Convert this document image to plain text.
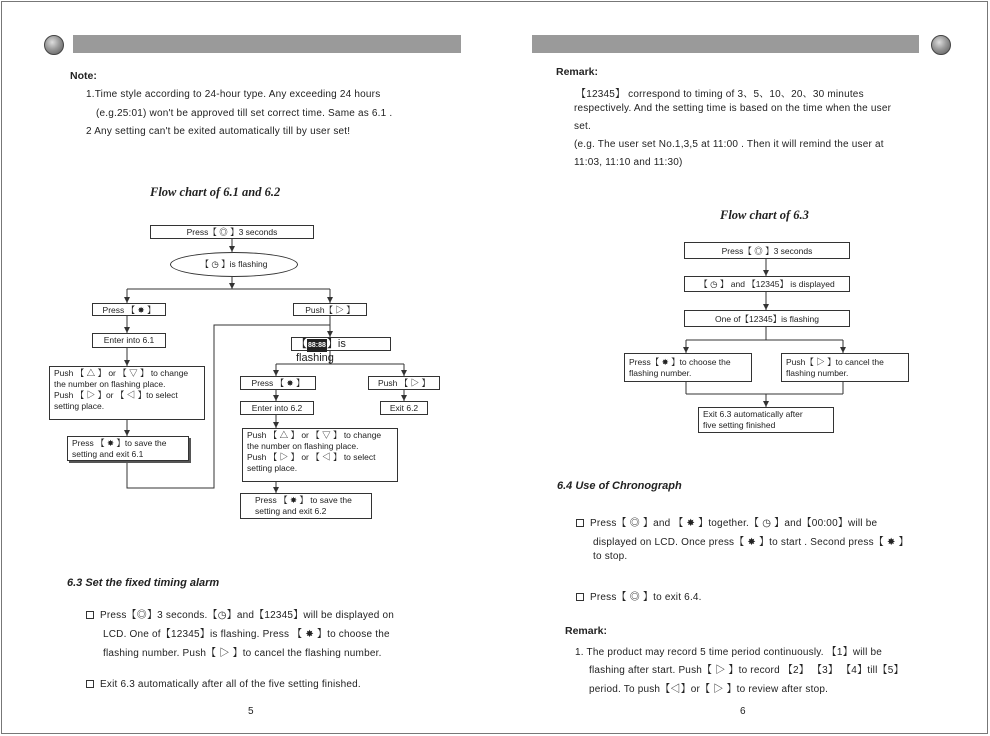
Note:
1.Time style according to 24-hour type. Any exceeding 24 hours
(e.g.25:01) won't be approved till set correct time. Same as 6.1 .
2 Any setting can't be exited automatically till by user set!
Flow chart of 6.1 and 6.2
Press【 ◎ 】3 seconds
【 ◷ 】is flashing
Press 【 ✸ 】	Push【 ▷ 】
Enter into 6.1
Push 【 △ 】 or 【 ▽ 】 to change
the number on flashing place.
Push 【 ▷ 】or 【 ◁ 】to select
setting place.
Press 【 ✸ 】to save the
setting and exit 6.1
【88:88】is flashing
Press 【 ✸ 】	Push 【 ▷ 】
Enter into 6.2	Exit 6.2
Push 【 △ 】 or 【 ▽ 】 to change
the number on flashing place.
Push 【 ▷ 】 or 【 ◁ 】 to select
setting place.
Press 【 ✸ 】 to save the
setting and exit 6.2
6.3 Set the fixed timing alarm
Press【◎】3 seconds.【◷】and【12345】will be displayed on
LCD. One of【12345】is flashing. Press 【 ✸ 】to choose the
flashing number. Push【 ▷ 】to cancel the flashing number.
Exit 6.3 automatically after all of the five setting finished.
5
Remark:
【12345】 correspond to timing of 3、5、10、20、30 minutes
respectively. And the setting time is based on the time when the user
set.
(e.g. The user set No.1,3,5 at 11:00 . Then it will remind the user at
11:03, 11:10 and 11:30)
Flow chart of 6.3
Press【 ◎ 】3 seconds
【 ◷ 】 and 【12345】 is displayed
One of【12345】is flashing
Press【 ✸ 】to choose the
flashing number.
Push【 ▷ 】to cancel the
flashing number.
Exit 6.3 automatically after
five setting finished
6.4 Use of Chronograph
Press【 ◎ 】and 【 ✸ 】together.【 ◷ 】and【00:00】will be
displayed on LCD. Once press【 ✸ 】to start . Second press【 ✸ 】
to stop.
Press【 ◎ 】to exit 6.4.
Remark:
1. The product may record 5 time period continuously. 【1】will be
flashing after start. Push【 ▷ 】to record 【2】 【3】 【4】till【5】
period. To push【◁】or【 ▷ 】to review after stop.
6
